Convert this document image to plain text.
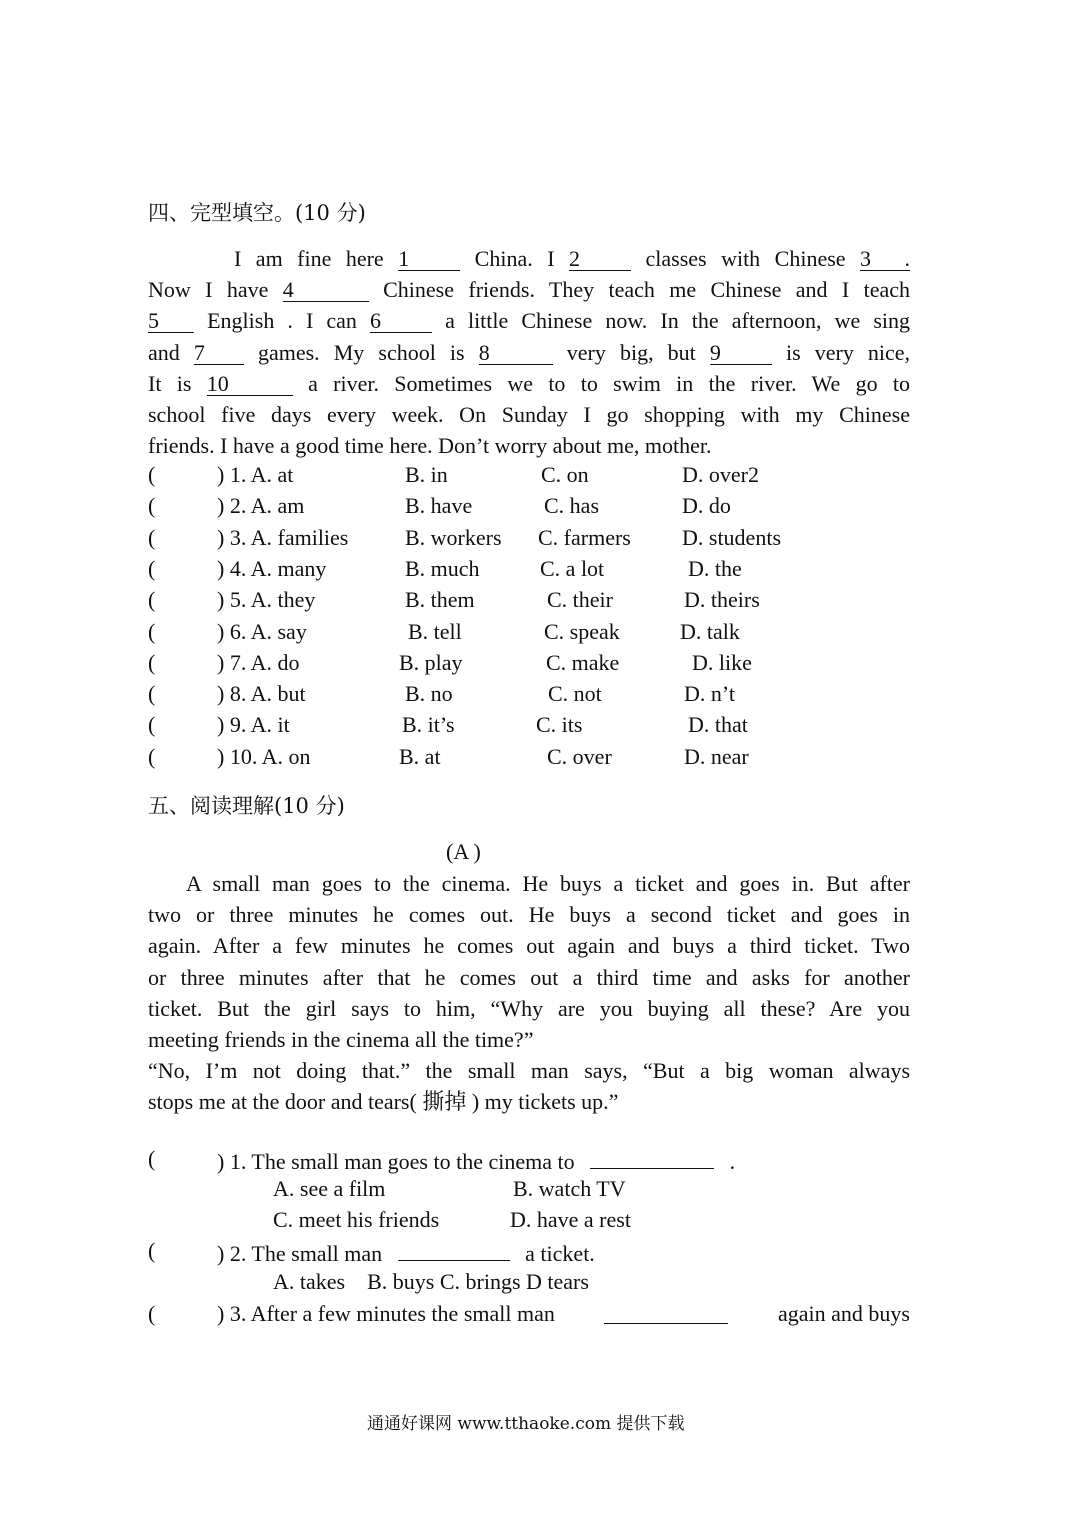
四、完型填空。(10 分)
I am fine here 1	China. I 2	classes with Chinese 3 .
Now I have 4	Chinese friends. They teach me Chinese and I teach
5 English . I can 6	a little Chinese now. In the afternoon, we sing
and 7 games. My school is 8	very big, but 9	is very nice,
It is 10	a river. Sometimes we to to swim in the river. We go to
school five days every week. On Sunday I go shopping with my Chinese
friends. I have a good time here. Don’t worry about me, mother.
(	) 1. A. at	B. in	C. on	D. over2
(	) 2. A. am	B. have	C. has	D. do
(	) 3. A. families	B. workers C. farmers D. students
(	) 4. A. many	B. much	C. a lot	D. the
(	) 5. A. they	B. them	C. their	D. theirs
(	) 6. A. say	B. tell	C. speak	D. talk
(	) 7. A. do	B. play	C. make	D. like
(	) 8. A. but	B. no	C. not	D. n’t
(	) 9. A. it	B. it’s	C. its	D. that
(	) 10. A. on	B. at	C. over	D. near
五、阅读理解(10 分)
(A )
A small man goes to the cinema. He buys a ticket and goes in. But after
two or three minutes he comes out. He buys a second ticket and goes in
again. After a few minutes he comes out again and buys a third ticket. Two
or three minutes after that he comes out a third time and asks for another
ticket. But the girl says to him, “Why are you buying all these? Are you
meeting friends in the cinema all the time?”
“No, I’m not doing that.” the small man says, “But a big woman always
stops me at the door and tears( 撕掉 ) my tickets up.”
(	) 1. The small man goes to the cinema to	.
A. see a film	B. watch TV
C. meet his friends	D. have a rest
(	) 2. The small man	a ticket.
A. takes    B. buys C. brings D tears
(	) 3. After a few minutes the small man	again and buys
通通好课网 www.tthaoke.com 提供下载
